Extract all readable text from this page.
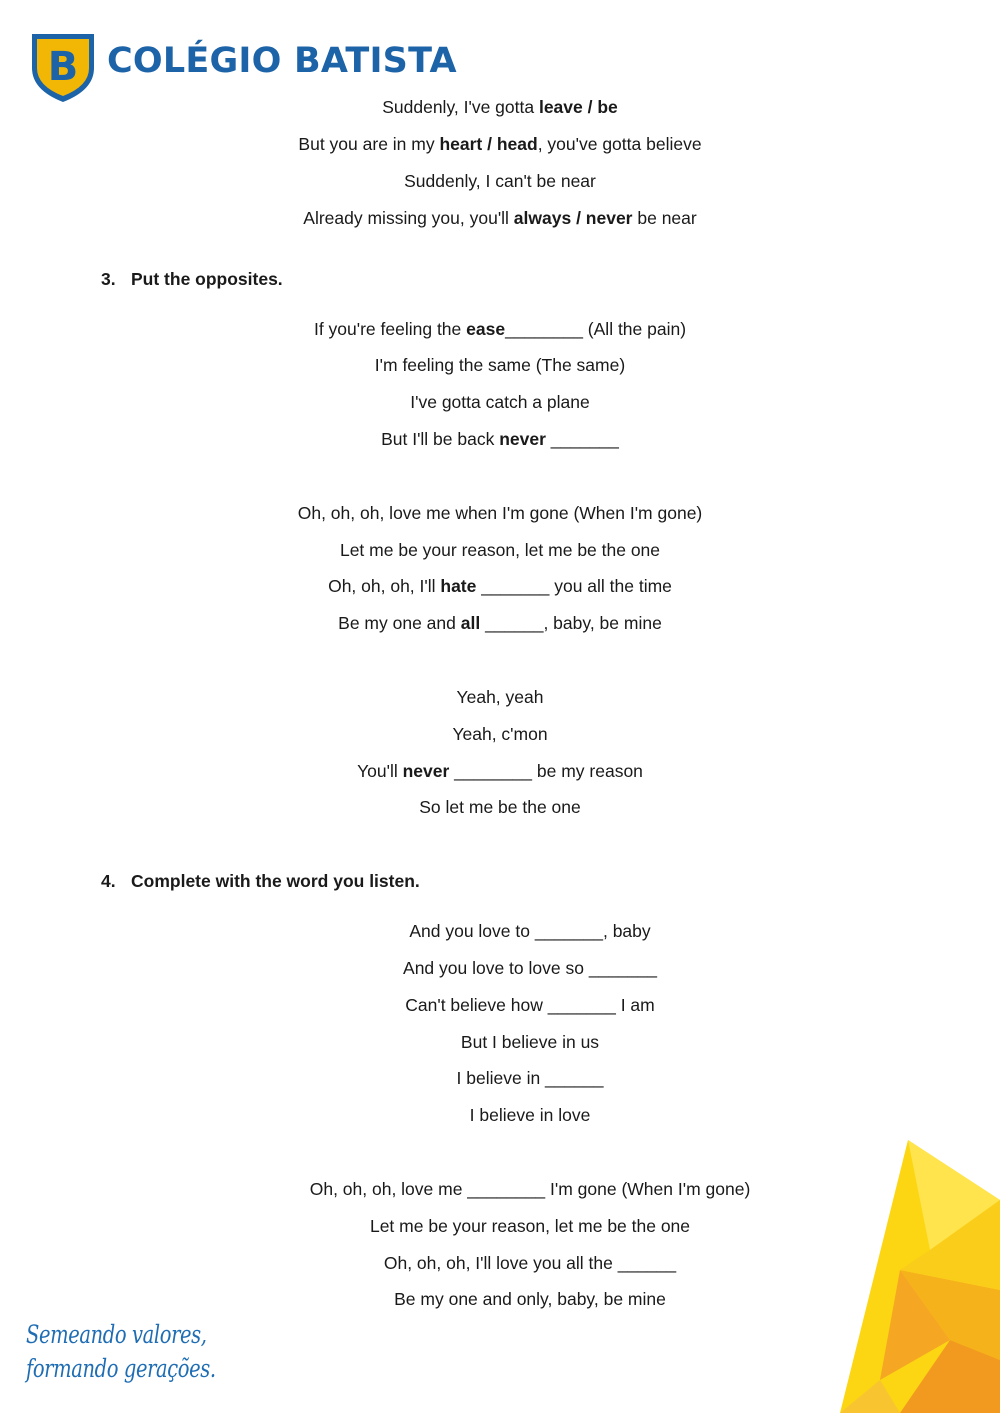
B COLÉGIO BATISTA
Suddenly, I've gotta leave / be
But you are in my heart / head, you've gotta believe
Suddenly, I can't be near
Already missing you, you'll always / never be near
3. Put the opposites.
If you're feeling the ease________ (All the pain)
I'm feeling the same (The same)
I've gotta catch a plane
But I'll be back never _______
Oh, oh, oh, love me when I'm gone (When I'm gone)
Let me be your reason, let me be the one
Oh, oh, oh, I'll hate _______ you all the time
Be my one and all ______, baby, be mine
Yeah, yeah
Yeah, c'mon
You'll never ________ be my reason
So let me be the one
4. Complete with the word you listen.
And you love to _______, baby
And you love to love so _______
Can't believe how _______ I am
But I believe in us
I believe in ______
I believe in love
Oh, oh, oh, love me ________ I'm gone (When I'm gone)
Let me be your reason, let me be the one
Oh, oh, oh, I'll love you all the ______
Be my one and only, baby, be mine
Semeando valores,
formando gerações.
